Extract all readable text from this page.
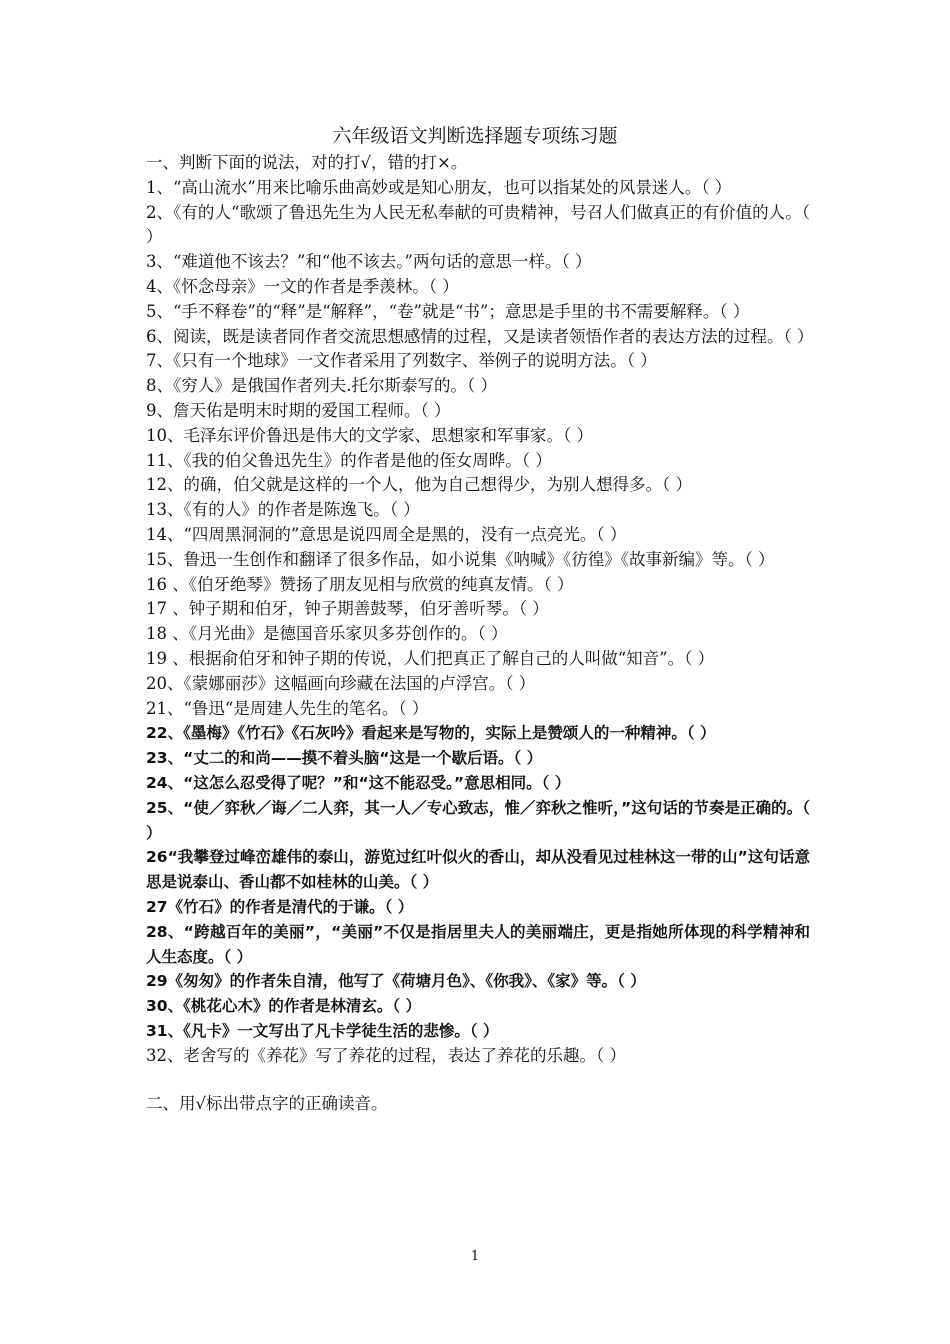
六年级语文判断选择题专项练习题

一、判断下面的说法，对的打√，错的打×。

1、“高山流水”用来比喻乐曲高妙或是知心朋友，也可以指某处的风景迷人。（ ）

2、《有的人“歌颂了鲁迅先生为人民无私奉献的可贵精神，号召人们做真正的有价值的人。（ ）

3、“难道他不该去？”和“他不该去。”两句话的意思一样。（ ）

4、《怀念母亲》一文的作者是季羡林。（ ）

5、“手不释卷”的“释”是“解释”，“卷”就是“书”；意思是手里的书不需要解释。（ ）

6、阅读，既是读者同作者交流思想感情的过程，又是读者领悟作者的表达方法的过程。（ ）

7、《只有一个地球》一文作者采用了列数字、举例子的说明方法。（ ）

8、《穷人》是俄国作者列夫.托尔斯泰写的。（ ）

9、詹天佑是明末时期的爱国工程师。（ ）

10、毛泽东评价鲁迅是伟大的文学家、思想家和军事家。（ ）

11、《我的伯父鲁迅先生》的作者是他的侄女周晔。（ ）

12、的确，伯父就是这样的一个人，他为自己想得少，为别人想得多。（ ）

13、《有的人》的作者是陈逸飞。（ ）

14、“四周黑洞洞的”意思是说四周全是黑的，没有一点亮光。（ ）

15、鲁迅一生创作和翻译了很多作品，如小说集《呐喊》《彷徨》《故事新编》等。（ ）

16 、《伯牙绝琴》赞扬了朋友见相与欣赏的纯真友情。（ ）

17 、钟子期和伯牙，钟子期善鼓琴，伯牙善听琴。（ ）

18 、《月光曲》是德国音乐家贝多芬创作的。（ ）

19 、根据俞伯牙和钟子期的传说，人们把真正了解自己的人叫做“知音”。（ ）

20、《蒙娜丽莎》这幅画向珍藏在法国的卢浮宫。（ ）

21、“鲁迅“是周建人先生的笔名。（ ）

22、《墨梅》《竹石》《石灰吟》看起来是写物的，实际上是赞颂人的一种精神。（ ）

23、“丈二的和尚——摸不着头脑“这是一个歇后语。（ ）

24、“这怎么忍受得了呢？”和“这不能忍受。”意思相同。（ ）

25、“使／弈秋／诲／二人弈，其一人／专心致志，惟／弈秋之惟听，”这句话的节奏是正确的。（ ）

26“我攀登过峰峦雄伟的泰山，游览过红叶似火的香山，却从没看见过桂林这一带的山”这句话意思是说泰山、香山都不如桂林的山美。（ ）

27《竹石》的作者是清代的于谦。（ ）

28、“跨越百年的美丽”，“美丽”不仅是指居里夫人的美丽端庄，更是指她所体现的科学精神和人生态度。（ ）

29《匆匆》的作者朱自清，他写了《荷塘月色》、《你我》、《家》等。（ ）

30、《桃花心木》的作者是林清玄。（ ）

31、《凡卡》一文写出了凡卡学徒生活的悲惨。（ ）

32、老舍写的《养花》写了养花的过程，表达了养花的乐趣。（ ）

二、用√标出带点字的正确读音。

1
